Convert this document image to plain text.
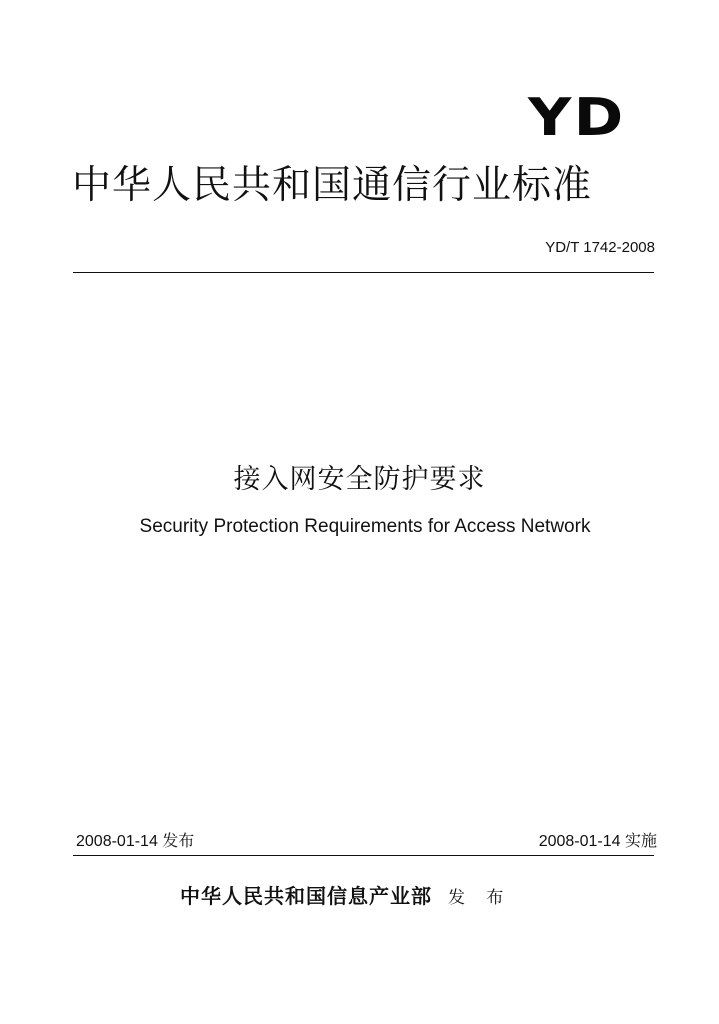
YD
中华人民共和国通信行业标准
YD/T 1742-2008
接入网安全防护要求
Security Protection Requirements for Access Network
2008-01-14 发布	2008-01-14 实施
中华人民共和国信息产业部 发 布
